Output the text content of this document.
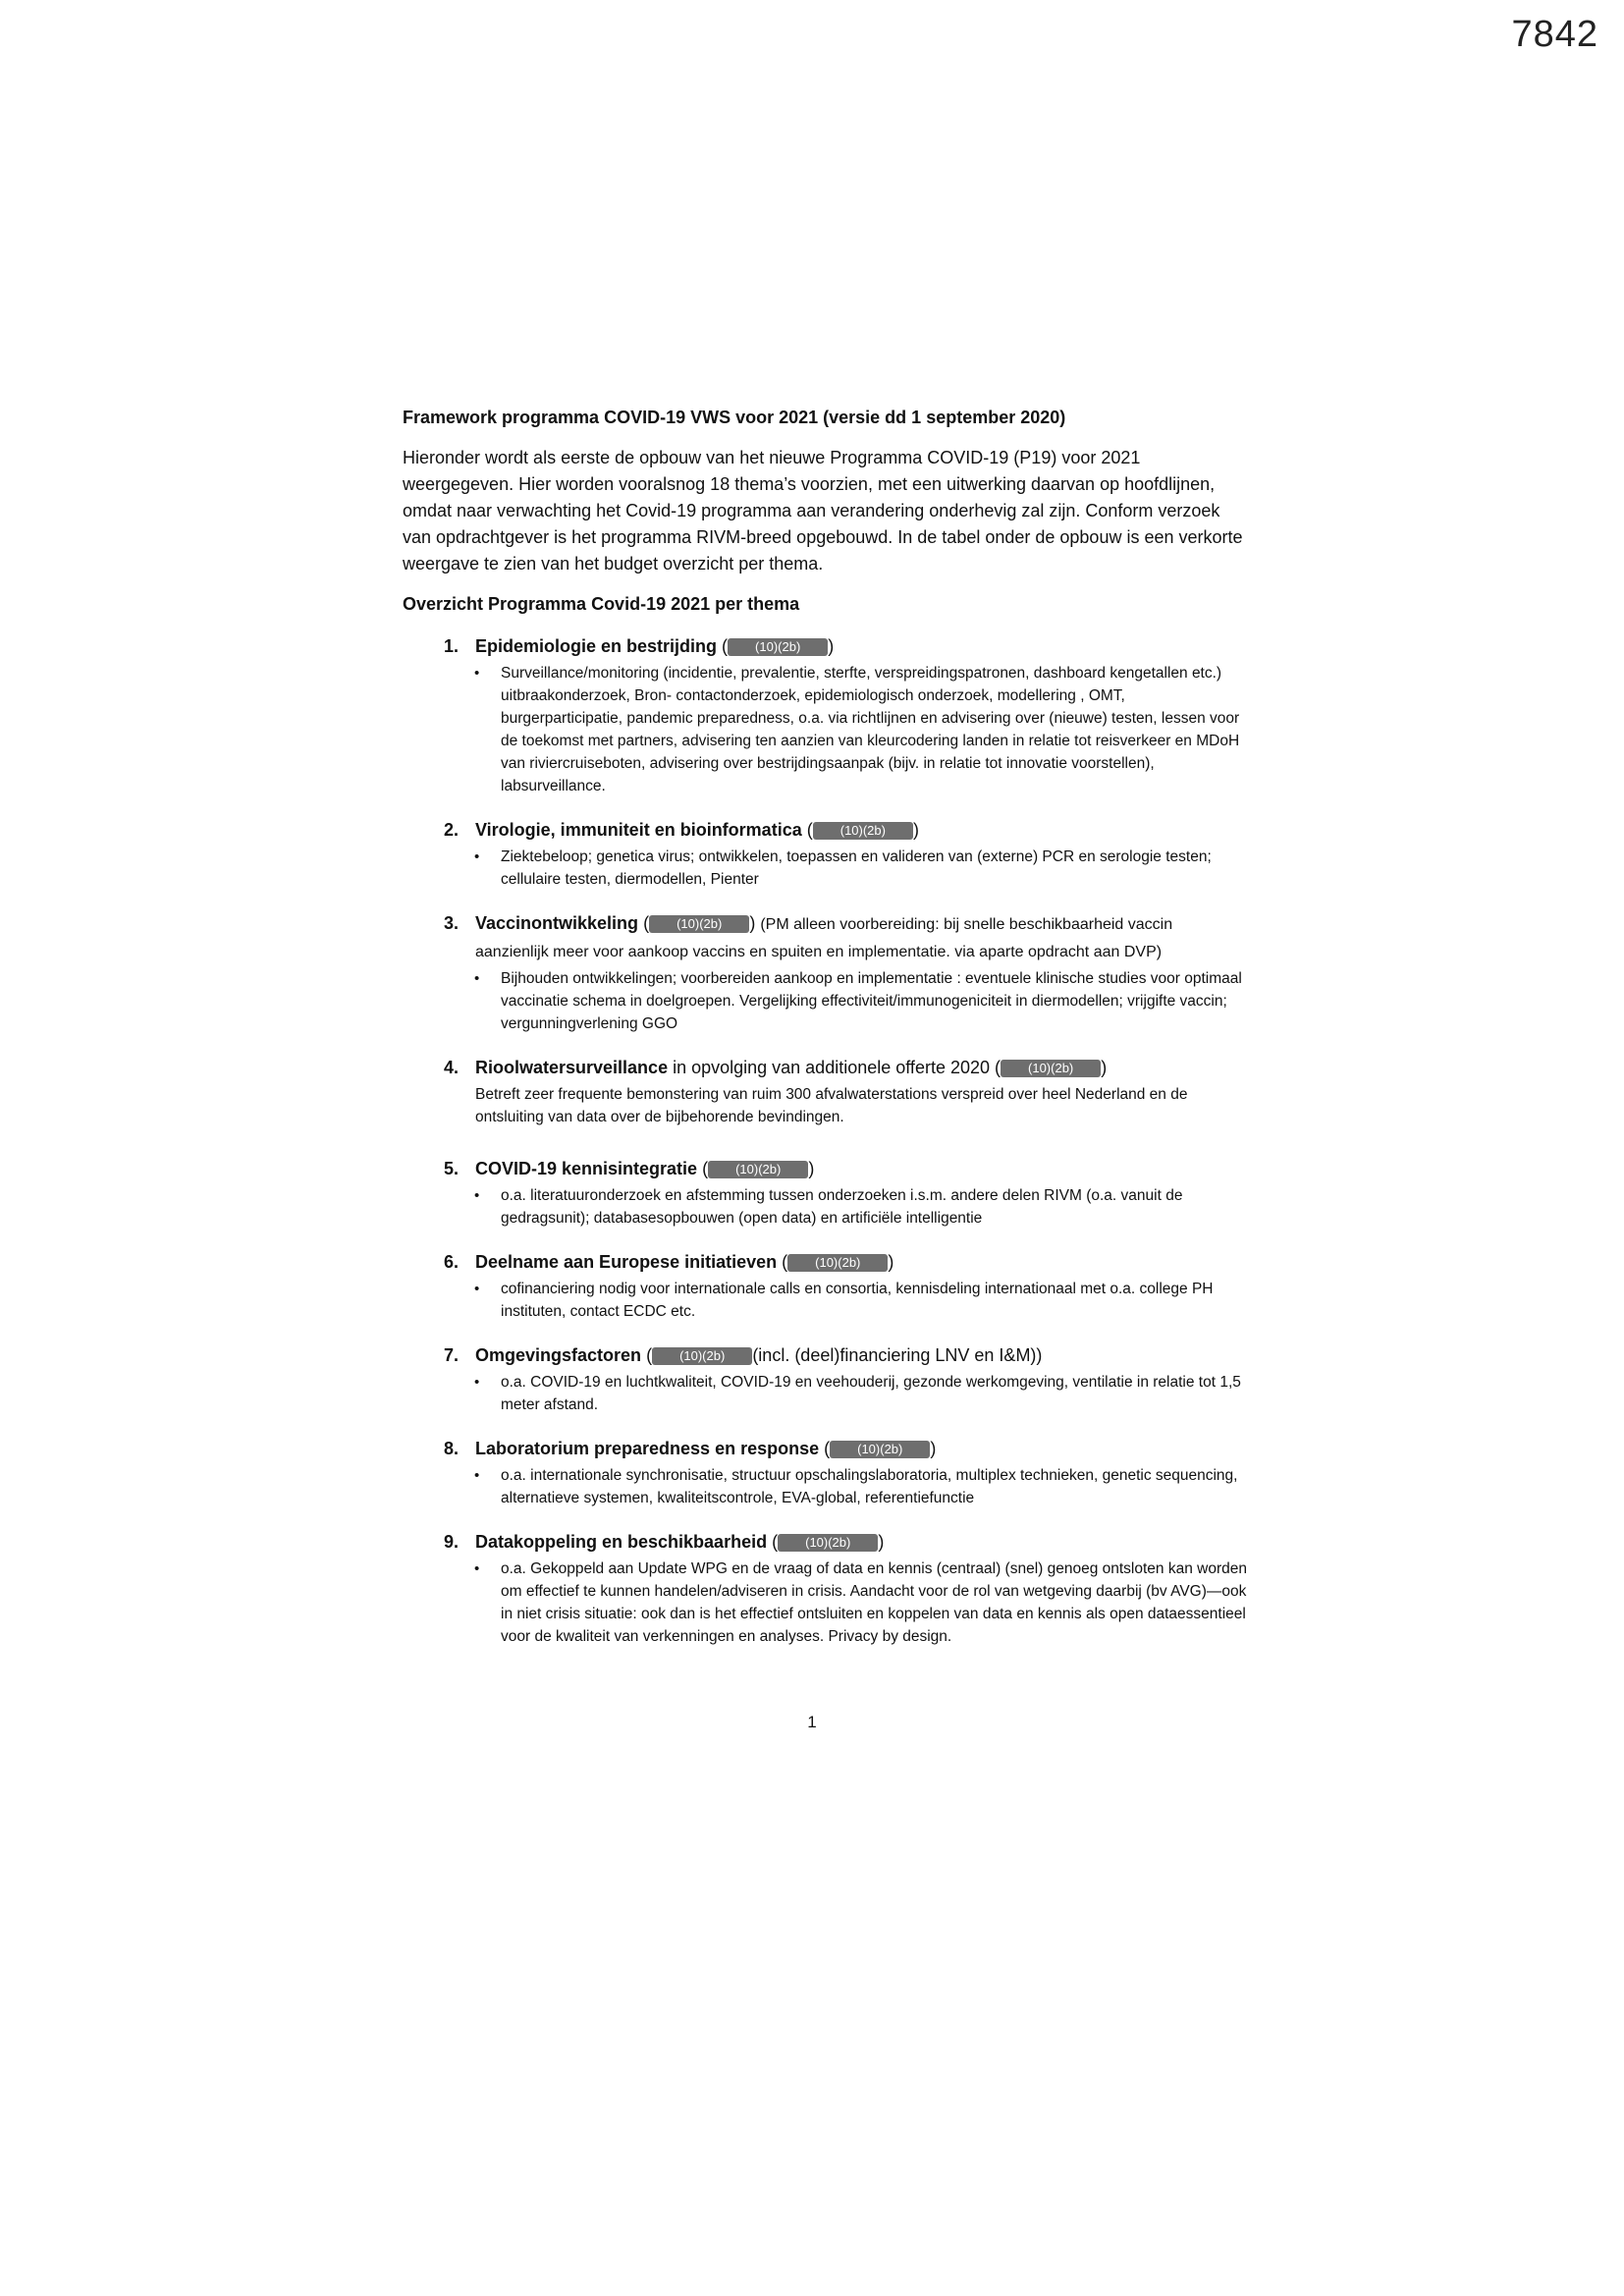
7842

Framework programma COVID-19 VWS voor 2021 (versie dd 1 september 2020)

Hieronder wordt als eerste de opbouw van het nieuwe Programma COVID-19 (P19) voor 2021 weergegeven. Hier worden vooralsnog 18 thema’s voorzien, met een uitwerking daarvan op hoofdlijnen, omdat naar verwachting het Covid-19 programma aan verandering onderhevig zal zijn. Conform verzoek van opdrachtgever is het programma RIVM-breed opgebouwd. In de tabel onder de opbouw is een verkorte weergave te zien van het budget overzicht per thema.

Overzicht Programma Covid-19 2021 per thema

1. Epidemiologie en bestrijding ( (10)(2b) )
• Surveillance/monitoring (incidentie, prevalentie, sterfte, verspreidingspatronen, dashboard kengetallen etc.) uitbraakonderzoek, Bron- contactonderzoek, epidemiologisch onderzoek, modellering , OMT, burgerparticipatie, pandemic preparedness, o.a. via richtlijnen en advisering over (nieuwe) testen, lessen voor de toekomst met partners, advisering ten aanzien van kleurcodering landen in relatie tot reisverkeer en MDoH van riviercruiseboten, advisering over bestrijdingsaanpak (bijv. in relatie tot innovatie voorstellen), labsurveillance.
2. Virologie, immuniteit en bioinformatica ( (10)(2b) )
• Ziektebeloop; genetica virus; ontwikkelen, toepassen en valideren van (externe) PCR en serologie testen; cellulaire testen, diermodellen, Pienter
3. Vaccinontwikkeling ( (10)(2b) ) (PM alleen voorbereiding: bij snelle beschikbaarheid vaccin aanzienlijk meer voor aankoop vaccins en spuiten en implementatie. via aparte opdracht aan DVP)
• Bijhouden ontwikkelingen; voorbereiden aankoop en implementatie : eventuele klinische studies voor optimaal vaccinatie schema in doelgroepen. Vergelijking effectiviteit/immunogeniciteit in diermodellen; vrijgifte vaccin; vergunningverlening GGO
4. Rioolwatersurveillance in opvolging van additionele offerte 2020 ( (10)(2b) )

Betreft zeer frequente bemonstering van ruim 300 afvalwaterstations verspreid over heel Nederland en de ontsluiting van data over de bijbehorende bevindingen.

5. COVID-19 kennisintegratie ( (10)(2b) )
• o.a. literatuuronderzoek en afstemming tussen onderzoeken i.s.m. andere delen RIVM (o.a. vanuit de gedragsunit); databasesopbouwen (open data) en artificiële intelligentie
6. Deelname aan Europese initiatieven ( (10)(2b) )
• cofinanciering nodig voor internationale calls en consortia, kennisdeling internationaal met o.a. college PH instituten, contact ECDC etc.
7. Omgevingsfactoren ( (10)(2b) (incl. (deel)financiering LNV en I&M))
• o.a. COVID-19 en luchtkwaliteit, COVID-19 en veehouderij, gezonde werkomgeving, ventilatie in relatie tot 1,5 meter afstand.
8. Laboratorium preparedness en response ( (10)(2b) )
• o.a. internationale synchronisatie, structuur opschalingslaboratoria, multiplex technieken, genetic sequencing, alternatieve systemen, kwaliteitscontrole, EVA-global, referentiefunctie
9. Datakoppeling en beschikbaarheid ( (10)(2b) )
• o.a. Gekoppeld aan Update WPG en de vraag of data en kennis (centraal) (snel) genoeg ontsloten kan worden om effectief te kunnen handelen/adviseren in crisis. Aandacht voor de rol van wetgeving daarbij (bv AVG)—ook in niet crisis situatie: ook dan is het effectief ontsluiten en koppelen van data en kennis als open dataessentieel voor de kwaliteit van verkenningen en analyses. Privacy by design.
1
